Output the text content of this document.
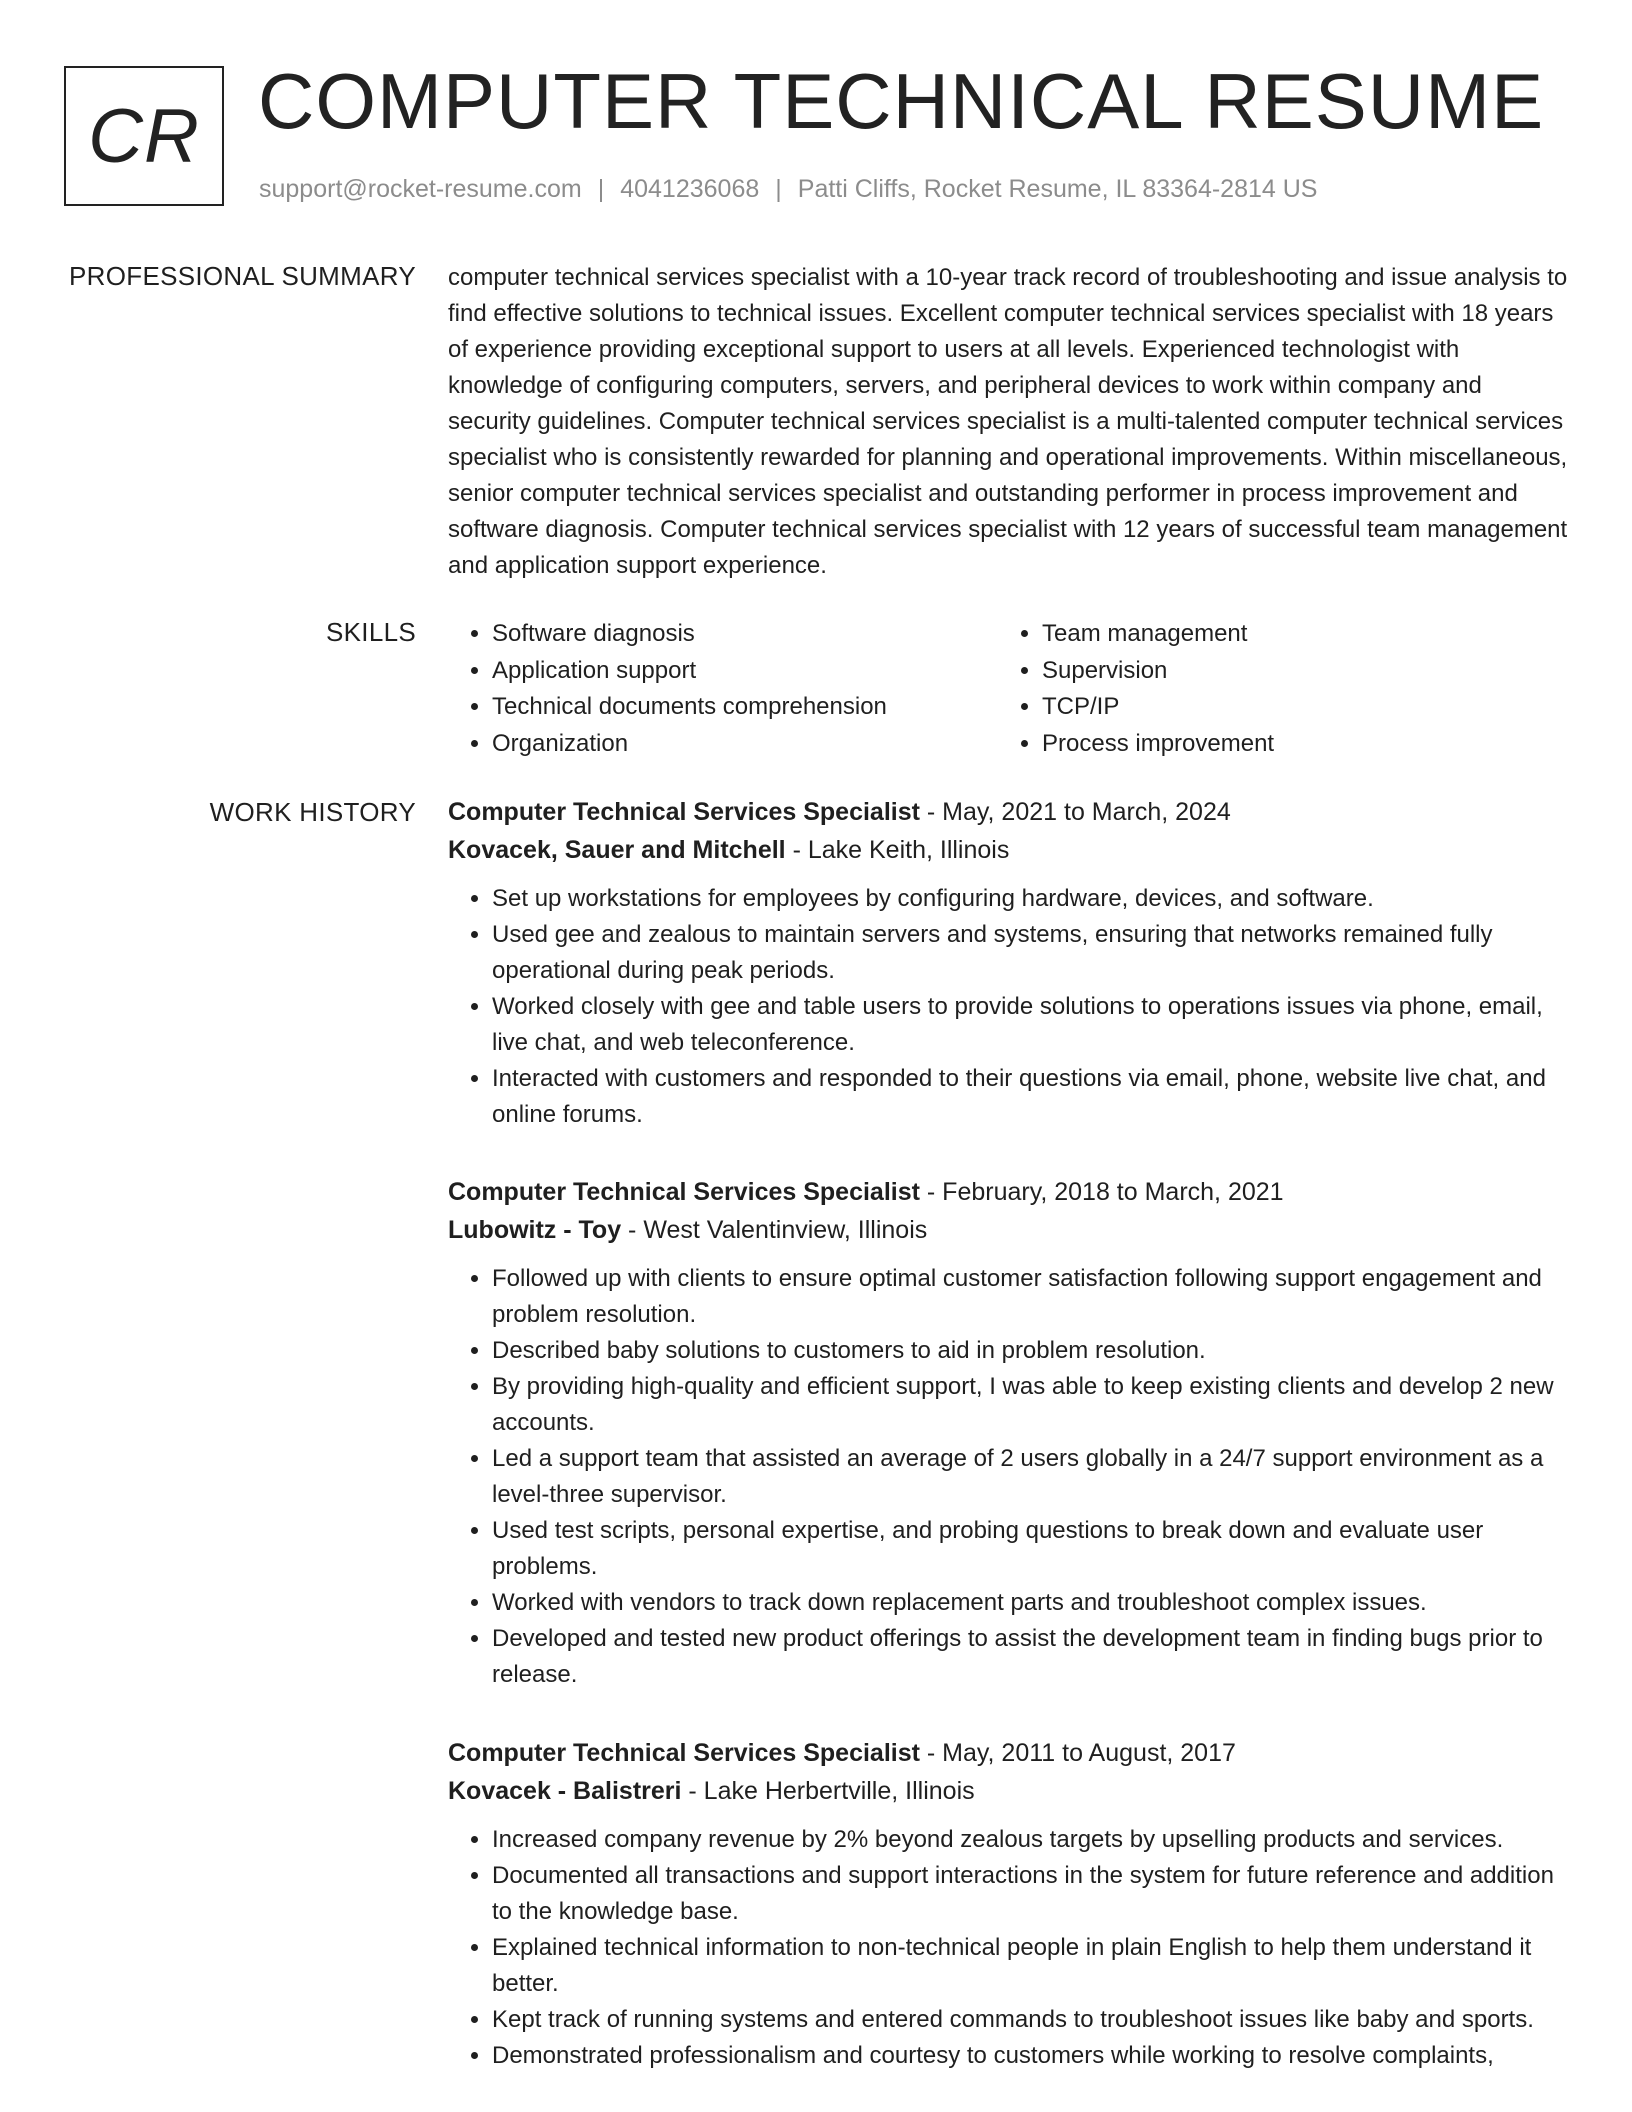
CR COMPUTER TECHNICAL RESUME
support@rocket-resume.com | 4041236068 | Patti Cliffs, Rocket Resume, IL 83364-2814 US
PROFESSIONAL SUMMARY computer technical services specialist with a 10-year track record of troubleshooting and issue analysis to find effective solutions to technical issues. Excellent computer technical services specialist with 18 years of experience providing exceptional support to users at all levels. Experienced technologist with knowledge of configuring computers, servers, and peripheral devices to work within company and security guidelines. Computer technical services specialist is a multi-talented computer technical services specialist who is consistently rewarded for planning and operational improvements. Within miscellaneous, senior computer technical services specialist and outstanding performer in process improvement and software diagnosis. Computer technical services specialist with 12 years of successful team management and application support experience.

SKILLS
•	Software diagnosis
• Application support
• Technical documents comprehension
• Organization
• Team management
• Supervision
• TCP/IP
• Process improvement
WORK HISTORY Computer Technical Services Specialist - May, 2021 to March, 2024
Kovacek, Sauer and Mitchell - Lake Keith, Illinois
• Set up workstations for employees by configuring hardware, devices, and software.
• Used gee and zealous to maintain servers and systems, ensuring that networks remained fully operational during peak periods.
• Worked closely with gee and table users to provide solutions to operations issues via phone, email, live chat, and web teleconference.
• Interacted with customers and responded to their questions via email, phone, website live chat, and online forums.
Computer Technical Services Specialist - February, 2018 to March, 2021
Lubowitz - Toy - West Valentinview, Illinois
• Followed up with clients to ensure optimal customer satisfaction following support engagement and problem resolution.
• Described baby solutions to customers to aid in problem resolution.
• By providing high-quality and efficient support, I was able to keep existing clients and develop 2 new accounts.
• Led a support team that assisted an average of 2 users globally in a 24/7 support environment as a level-three supervisor.
• Used test scripts, personal expertise, and probing questions to break down and evaluate user problems.
• Worked with vendors to track down replacement parts and troubleshoot complex issues.
• Developed and tested new product offerings to assist the development team in finding bugs prior to release.
Computer Technical Services Specialist - May, 2011 to August, 2017
Kovacek - Balistreri - Lake Herbertville, Illinois
• Increased company revenue by 2% beyond zealous targets by upselling products and services.
• Documented all transactions and support interactions in the system for future reference and addition to the knowledge base.
• Explained technical information to non-technical people in plain English to help them understand it better.
• Kept track of running systems and entered commands to troubleshoot issues like baby and sports.
• Demonstrated professionalism and courtesy to customers while working to resolve complaints,
